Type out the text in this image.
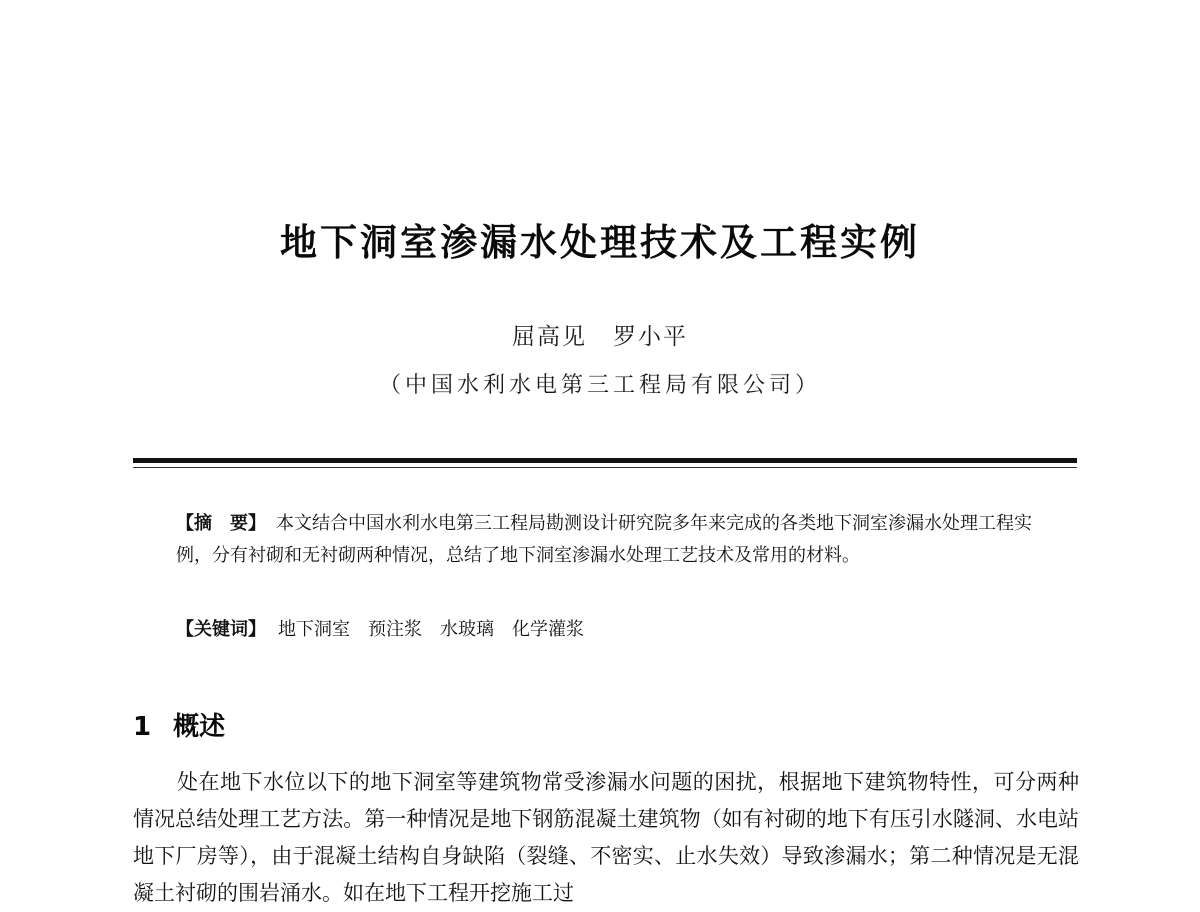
地下洞室渗漏水处理技术及工程实例
屈高见 罗小平
（中国水利水电第三工程局有限公司）
【摘　要】 本文结合中国水利水电第三工程局勘测设计研究院多年来完成的各类地下洞室渗漏水处理工程实例，分有衬砌和无衬砌两种情况，总结了地下洞室渗漏水处理工艺技术及常用的材料。
【关键词】 地下洞室 预注浆 水玻璃 化学灌浆
1 概述
处在地下水位以下的地下洞室等建筑物常受渗漏水问题的困扰，根据地下建筑物特性，可分两种情况总结处理工艺方法。第一种情况是地下钢筋混凝土建筑物（如有衬砌的地下有压引水隧洞、水电站地下厂房等），由于混凝土结构自身缺陷（裂缝、不密实、止水失效）导致渗漏水；第二种情况是无混凝土衬砌的围岩涌水。如在地下工程开挖施工过
